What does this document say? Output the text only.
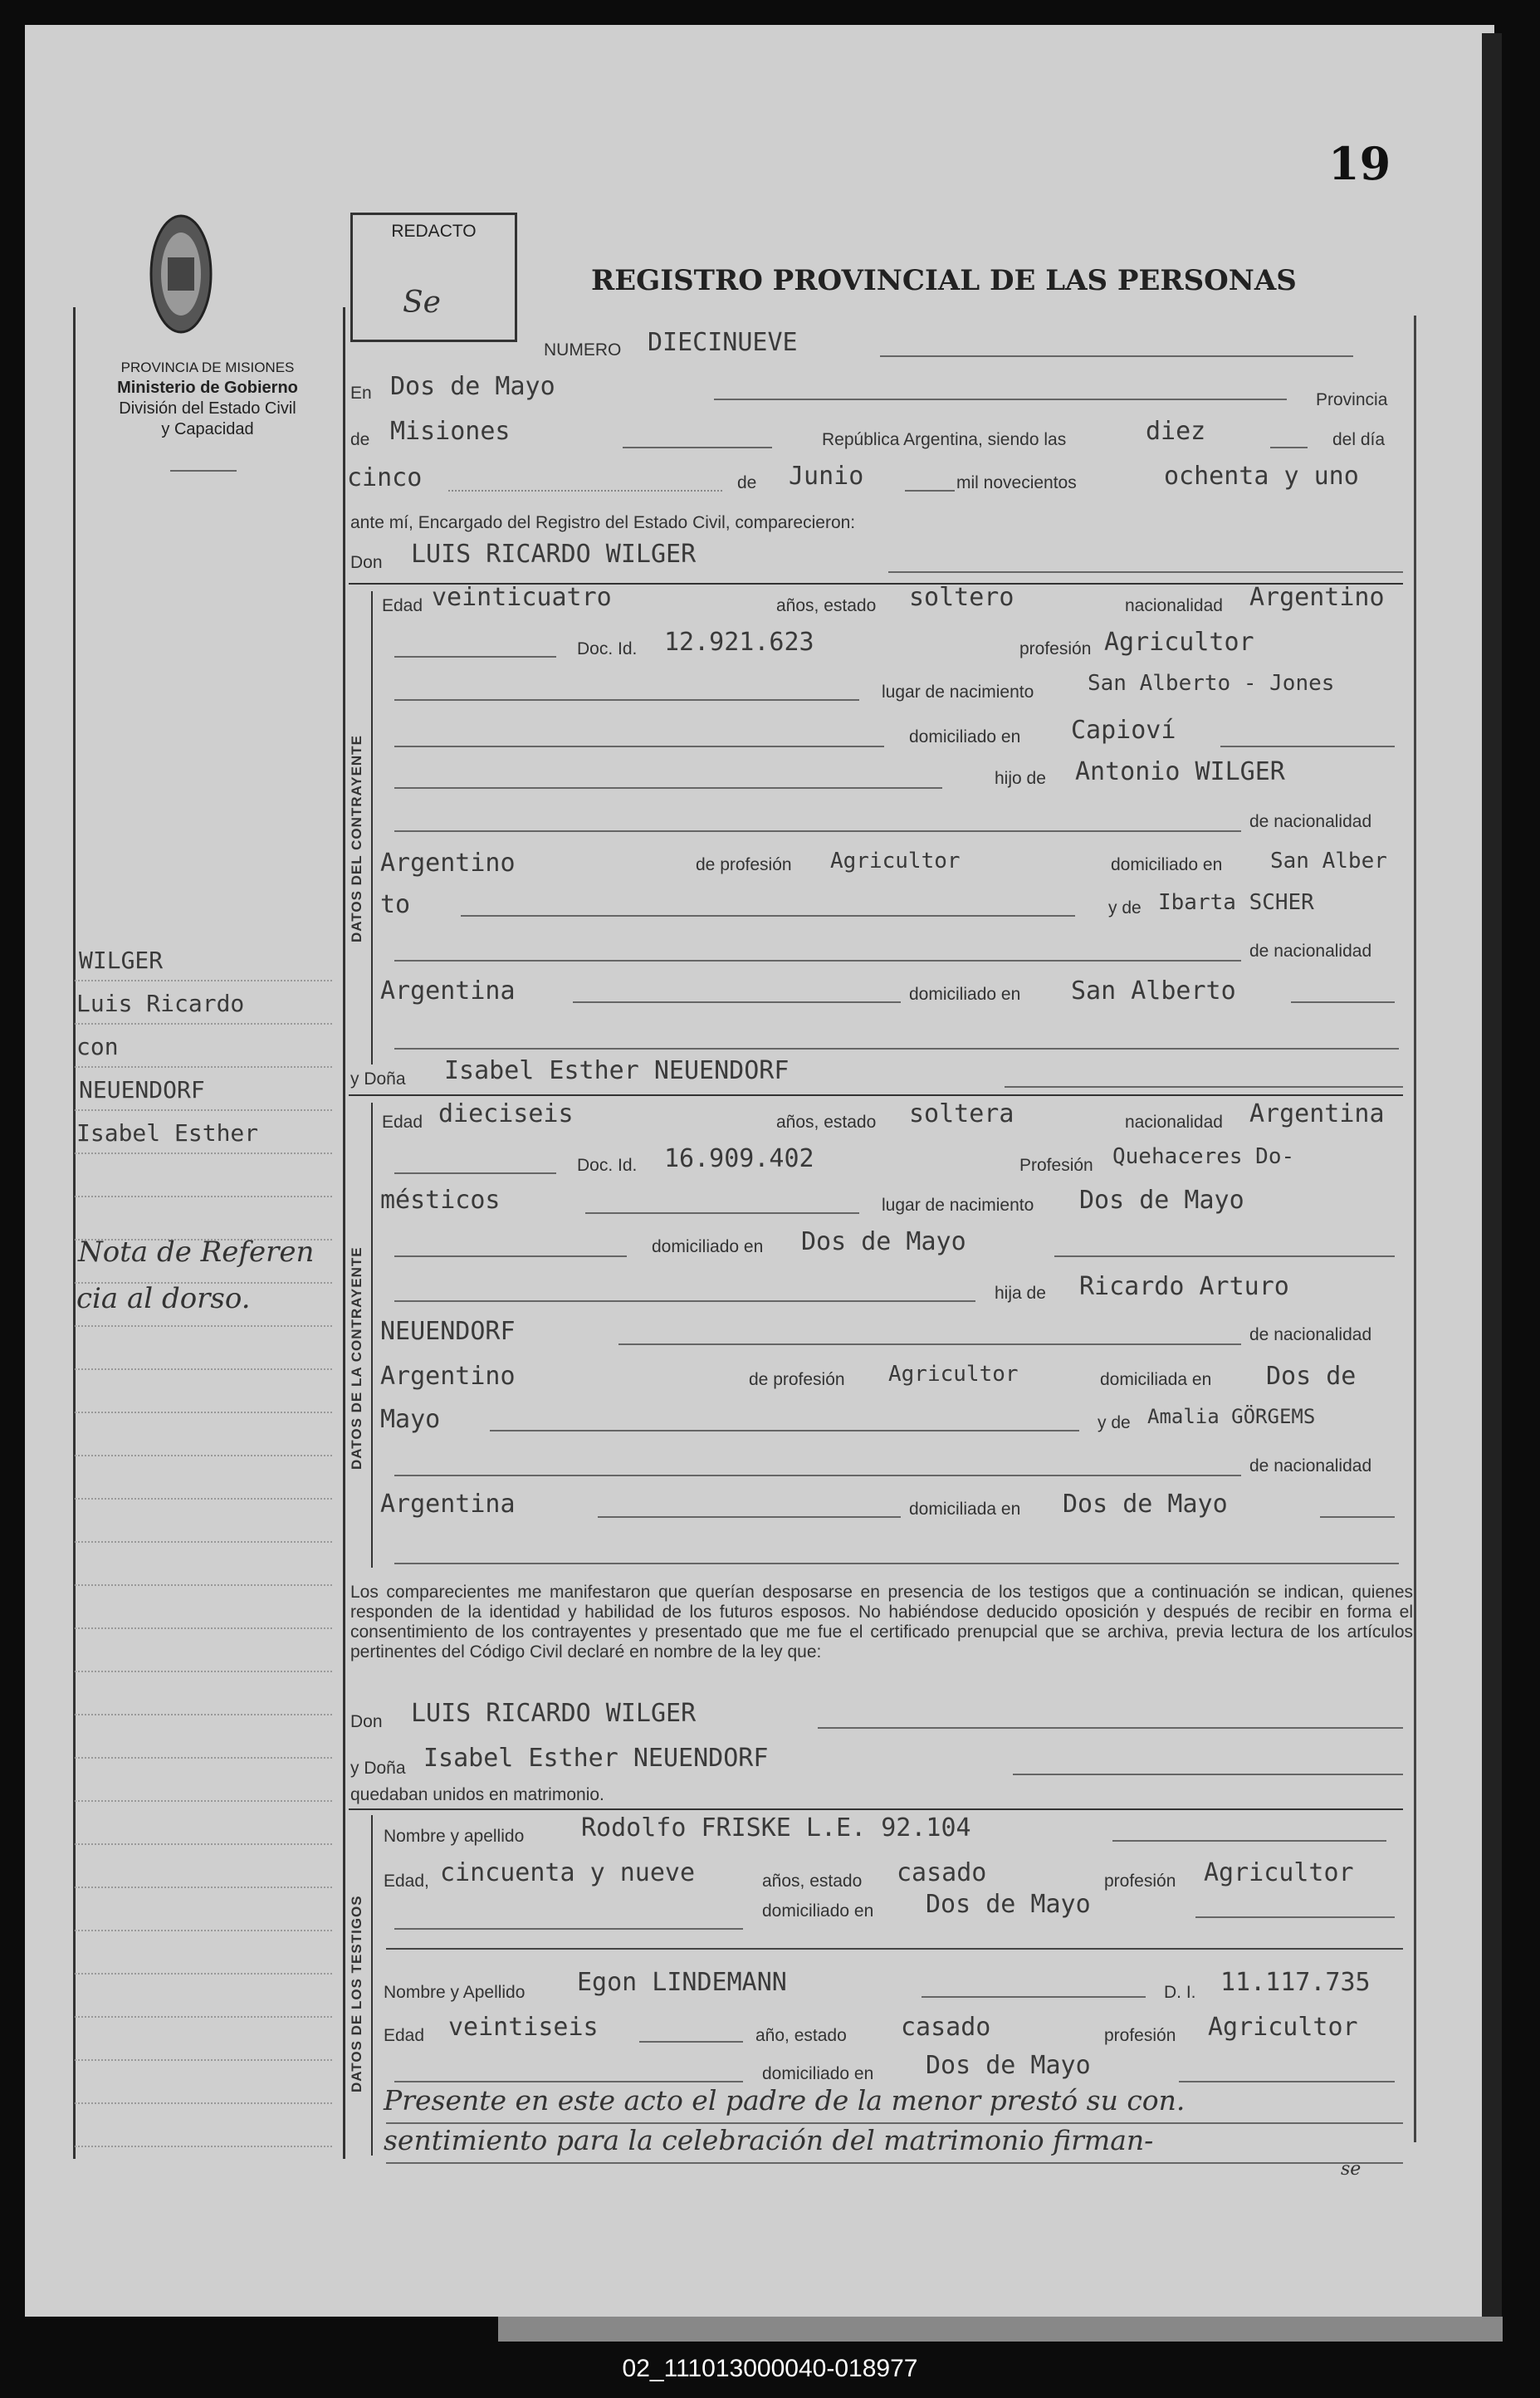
19
PROVINCIA DE MISIONES
Ministerio de Gobierno
División del Estado Civil
y Capacidad
REDACTO
Se
REGISTRO PROVINCIAL DE LAS PERSONAS
NUMERO DIECINUEVE
En Dos de Mayo	Provincia
de Misiones	República Argentina, siendo las	diez	del día
cinco	de Junio	mil novecientos	ochenta y uno
ante mí, Encargado del Registro del Estado Civil, comparecieron:
Don LUIS RICARDO WILGER
DATOS DEL CONTRAYENTE
Edad veinticuatro	años, estado soltero	nacionalidad Argentino
Doc. Id. 12.921.623	profesión Agricultor
lugar de nacimiento San Alberto - Jones
domiciliado en Capioví
hijo de Antonio WILGER
de nacionalidad
Argentino	de profesión Agricultor	domiciliado en San Alber
to	y de Ibarta SCHER
de nacionalidad
Argentina	domiciliado en San Alberto
y Doña Isabel Esther NEUENDORF
DATOS DE LA CONTRAYENTE
Edad dieciseis	años, estado soltera	nacionalidad Argentina
Doc. Id. 16.909.402	Profesión Quehaceres Do-
mésticos	lugar de nacimiento Dos de Mayo
domiciliado en Dos de Mayo
hija de Ricardo Arturo
NEUENDORF	de nacionalidad
Argentino	de profesión Agricultor	domiciliada en Dos de
Mayo	y de Amalia GÖRGEMS
de nacionalidad
Argentina	domiciliada en Dos de Mayo
Los comparecientes me manifestaron que querían desposarse en presencia de los testigos que a continuación se indican, quienes responden de la identidad y habilidad de los futuros esposos. No habiéndose deducido oposición y después de recibir en forma el consentimiento de los contrayentes y presentado que me fue el certificado prenupcial que se archiva, previa lectura de los artículos pertinentes del Código Civil declaré en nombre de la ley que:
Don LUIS RICARDO WILGER
y Doña Isabel Esther NEUENDORF
quedaban unidos en matrimonio.
DATOS DE LOS TESTIGOS
Nombre y apellido Rodolfo FRISKE L.E. 92.104
Edad, cincuenta y nueve	años, estado casado	profesión Agricultor
domiciliado en Dos de Mayo
Nombre y Apellido Egon LINDEMANN	D. I. 11.117.735
Edad veintiseis	año, estado casado	profesión Agricultor
domiciliado en Dos de Mayo
Presente en este acto el padre de la menor prestó su con.
sentimiento para la celebración del matrimonio firman-
se
WILGER
Luis Ricardo
con
NEUENDORF
Isabel Esther
Nota de Referen
cia al dorso.
02_111013000040-018977
